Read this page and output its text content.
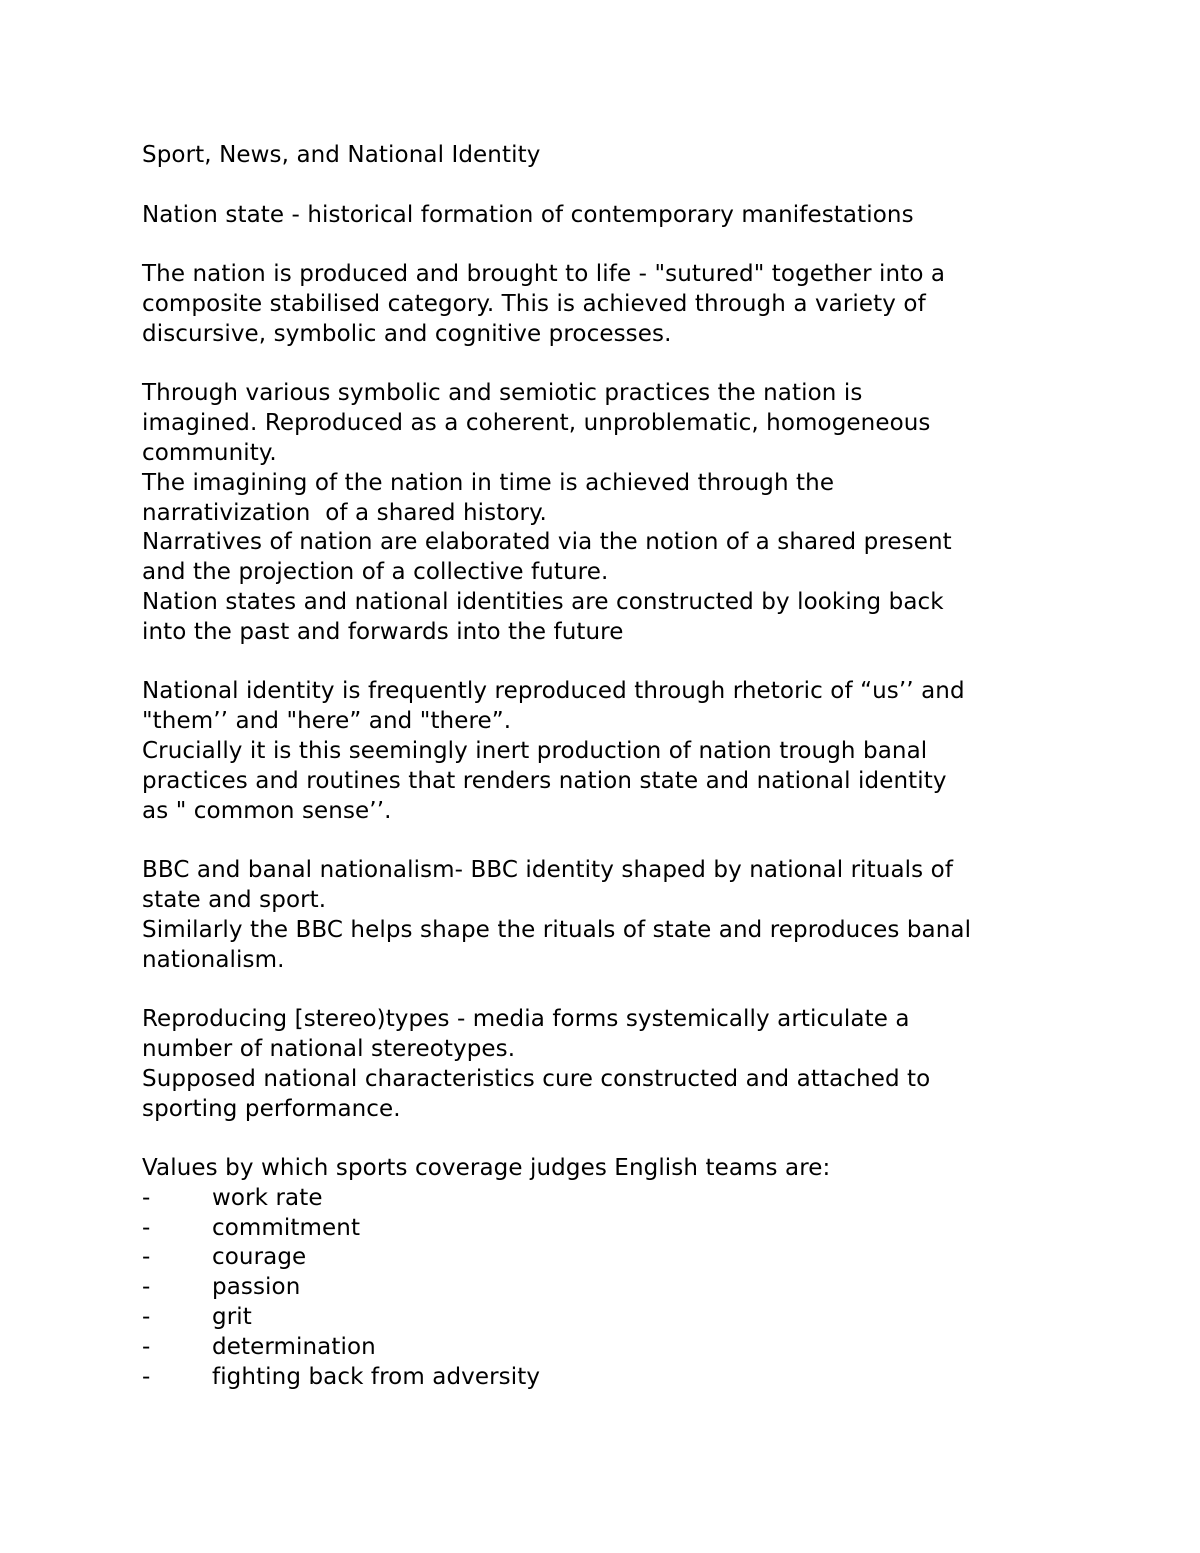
Sport, News, and National Identity
Nation state - historical formation of contemporary manifestations
The nation is produced and brought to life - "sutured" together into a
composite stabilised category. This is achieved through a variety of
discursive, symbolic and cognitive processes.
Through various symbolic and semiotic practices the nation is
imagined. Reproduced as a coherent, unproblematic, homogeneous
community.
The imagining of the nation in time is achieved through the
narrativization  of a shared history.
Narratives of nation are elaborated via the notion of a shared present
and the projection of a collective future.
Nation states and national identities are constructed by looking back
into the past and forwards into the future
National identity is frequently reproduced through rhetoric of “us’’ and
"them’’ and "here” and "there”.
Crucially it is this seemingly inert production of nation trough banal
practices and routines that renders nation state and national identity
as " common sense’’.
BBC and banal nationalism- BBC identity shaped by national rituals of
state and sport.
Similarly the BBC helps shape the rituals of state and reproduces banal
nationalism.
Reproducing [stereo)types - media forms systemically articulate a
number of national stereotypes.
Supposed national characteristics cure constructed and attached to
sporting performance.
Values by which sports coverage judges English teams are:
-	work rate
-	commitment
-	courage
-	passion
-	grit
-	determination
-	fighting back from adversity
